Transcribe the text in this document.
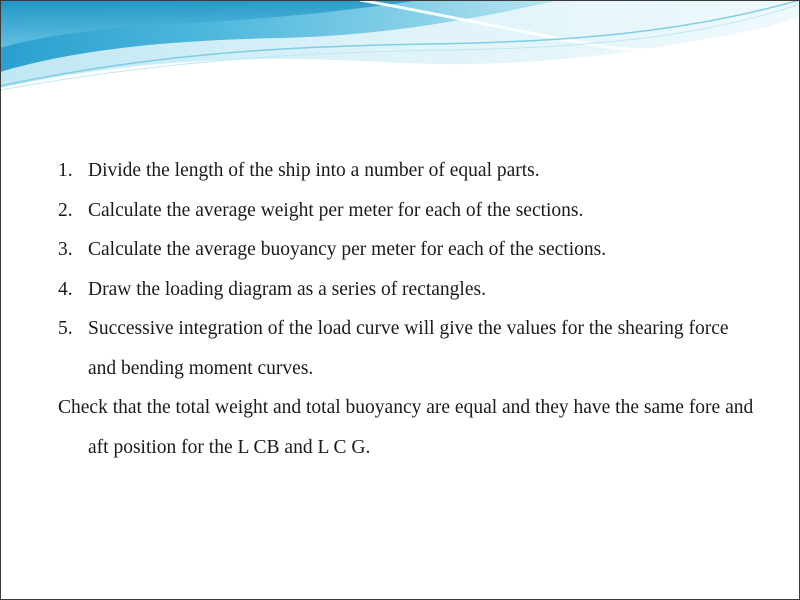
1. Divide the length of the ship into a number of equal parts.
2. Calculate the average weight per meter for each of the sections.
3. Calculate the average buoyancy per meter for each of the sections.
4. Draw the loading diagram as a series of rectangles.
5. Successive integration of the load curve will give the values for the shearing force and bending moment curves.
Check that the total weight and total buoyancy are equal and they have the same fore and aft position for the L CB and L C G.
